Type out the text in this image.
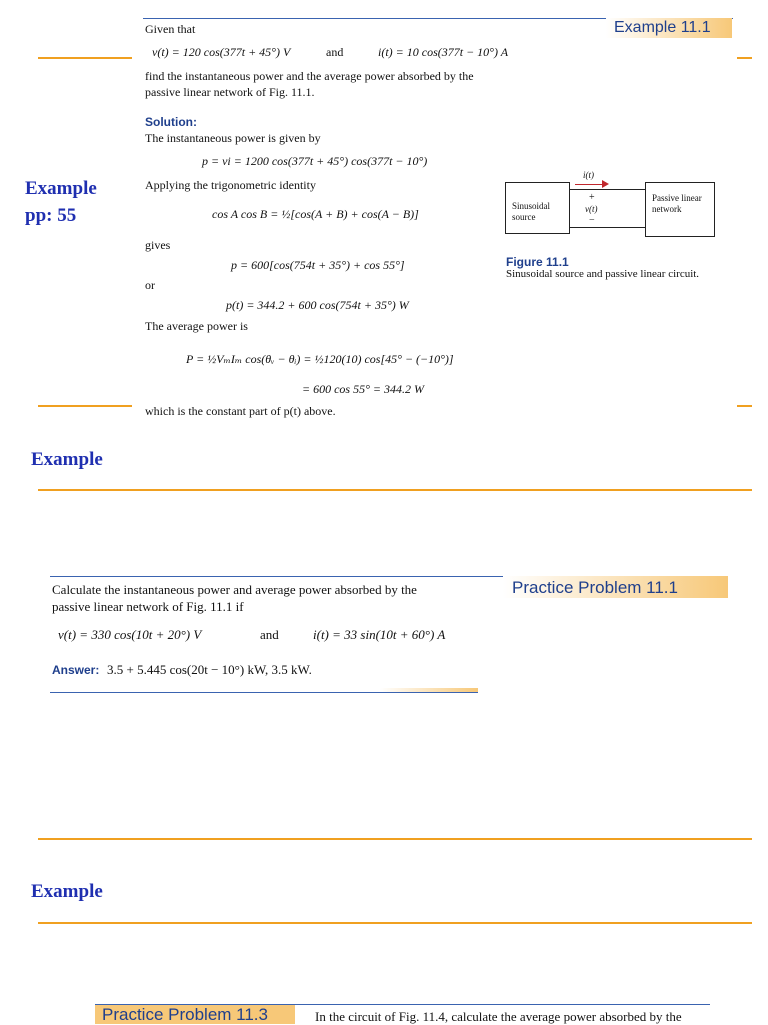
Example 11.1
Given that
v(t) = 120 cos(377t + 45°) V	and	i(t) = 10 cos(377t − 10°) A
find the instantaneous power and the average power absorbed by the
passive linear network of Fig. 11.1.
Solution:
The instantaneous power is given by
p = vi = 1200 cos(377t + 45°) cos(377t − 10°)
Example
pp: 55
Applying the trigonometric identity
cos A cos B = ½[cos(A + B) + cos(A − B)]
gives
p = 600[cos(754t + 35°) + cos 55°]
or
p(t) = 344.2 + 600 cos(754t + 35°) W
The average power is
P = ½VₘIₘ cos(θᵥ − θᵢ) = ½120(10) cos[45° − (−10°)]
= 600 cos 55° = 344.2 W
which is the constant part of p(t) above.
Sinusoidal source
Passive linear network
i(t)
+
v(t)
−
Figure 11.1
Sinusoidal source and passive linear circuit.
Example
Practice Problem 11.1
Calculate the instantaneous power and average power absorbed by the
passive linear network of Fig. 11.1 if
v(t) = 330 cos(10t + 20°) V	and	i(t) = 33 sin(10t + 60°) A
Answer: 3.5 + 5.445 cos(20t − 10°) kW, 3.5 kW.
Example
Practice Problem 11.3	In the circuit of Fig. 11.4, calculate the average power absorbed by the
